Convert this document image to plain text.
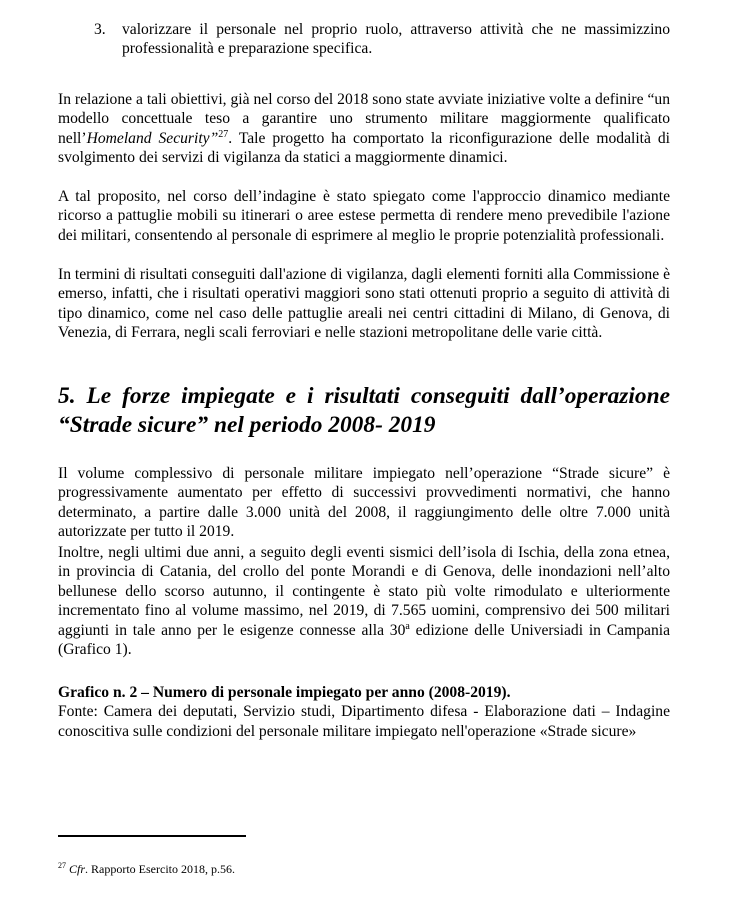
3.	valorizzare il personale nel proprio ruolo, attraverso attività che ne massimizzino professionalità e preparazione specifica.

In relazione a tali obiettivi, già nel corso del 2018 sono state avviate iniziative volte a definire “un modello concettuale teso a garantire uno strumento militare maggiormente qualificato nell’Homeland Security”$^{27}$. Tale progetto ha comportato la riconfigurazione delle modalità di svolgimento dei servizi di vigilanza da statici a maggiormente dinamici.

A tal proposito, nel corso dell’indagine è stato spiegato come l'approccio dinamico mediante ricorso a pattuglie mobili su itinerari o aree estese permetta di rendere meno prevedibile l'azione dei militari, consentendo al personale di esprimere al meglio le proprie potenzialità professionali.

In termini di risultati conseguiti dall'azione di vigilanza, dagli elementi forniti alla Commissione è emerso, infatti, che i risultati operativi maggiori sono stati ottenuti proprio a seguito di attività di tipo dinamico, come nel caso delle pattuglie areali nei centri cittadini di Milano, di Genova, di Venezia, di Ferrara, negli scali ferroviari e nelle stazioni metropolitane delle varie città.

5. Le forze impiegate e i risultati conseguiti dall’operazione “Strade sicure” nel periodo 2008- 2019

Il volume complessivo di personale militare impiegato nell’operazione “Strade sicure” è progressivamente aumentato per effetto di successivi provvedimenti normativi, che hanno determinato, a partire dalle 3.000 unità del 2008, il raggiungimento delle oltre 7.000 unità autorizzate per tutto il 2019.

Inoltre, negli ultimi due anni, a seguito degli eventi sismici dell’isola di Ischia, della zona etnea, in provincia di Catania, del crollo del ponte Morandi e di Genova, delle inondazioni nell’alto bellunese dello scorso autunno, il contingente è stato più volte rimodulato e ulteriormente incrementato fino al volume massimo, nel 2019, di 7.565 uomini, comprensivo dei 500 militari aggiunti in tale anno per le esigenze connesse alla 30$^a$ edizione delle Universiadi in Campania (Grafico 1).

Grafico n. 2 – Numero di personale impiegato per anno (2008-2019).
Fonte: Camera dei deputati, Servizio studi, Dipartimento difesa - Elaborazione dati – Indagine conoscitiva sulle condizioni del personale militare impiegato nell'operazione «Strade sicure»
$^{27}$ Cfr. Rapporto Esercito 2018, p.56.
